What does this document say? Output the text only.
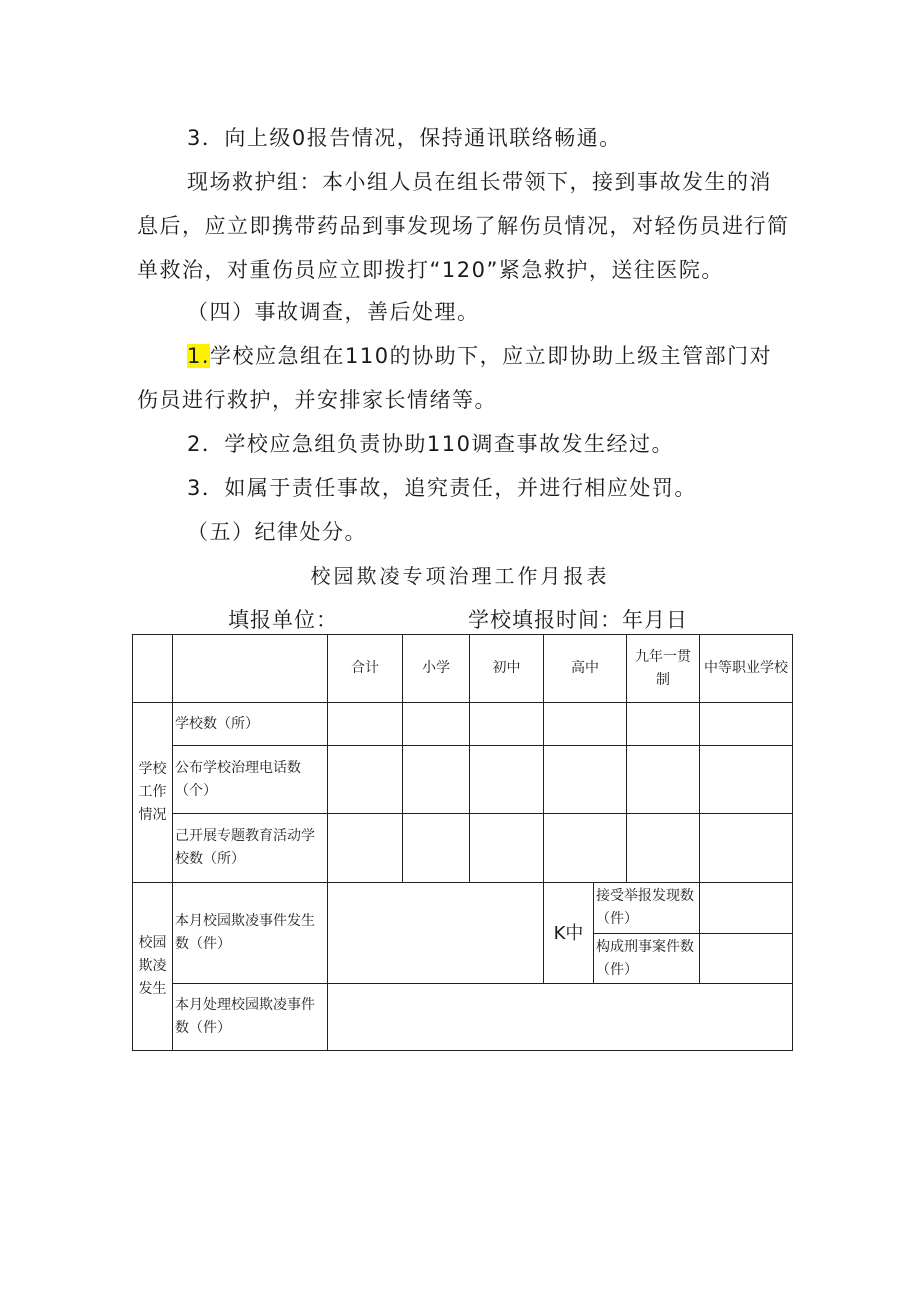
3．向上级0报告情况，保持通讯联络畅通。
现场救护组：本小组人员在组长带领下，接到事故发生的消
息后，应立即携带药品到事发现场了解伤员情况，对轻伤员进行简
单救治，对重伤员应立即拨打“120”紧急救护，送往医院。
（四）事故调查，善后处理。
1.学校应急组在110的协助下，应立即协助上级主管部门对
伤员进行救护，并安排家长情绪等。
2．学校应急组负责协助110调查事故发生经过。
3．如属于责任事故，追究责任，并进行相应处罚。
（五）纪律处分。
校园欺凌专项治理工作月报表
填报单位：	学校填报时间：年月日
		合计	小学	初中	高中		九年一贯制	中等职业学校
学校工作情况	学校数（所）							
	公布学校治理电话数（个）							
	己开展专题教育活动学校数（所）							
校园欺凌发生	本月校园欺凌事件发生数（件）				K中	接受举报发现数（件）		
						构成刑事案件数（件）		
	本月处理校园欺凌事件数（件）							
